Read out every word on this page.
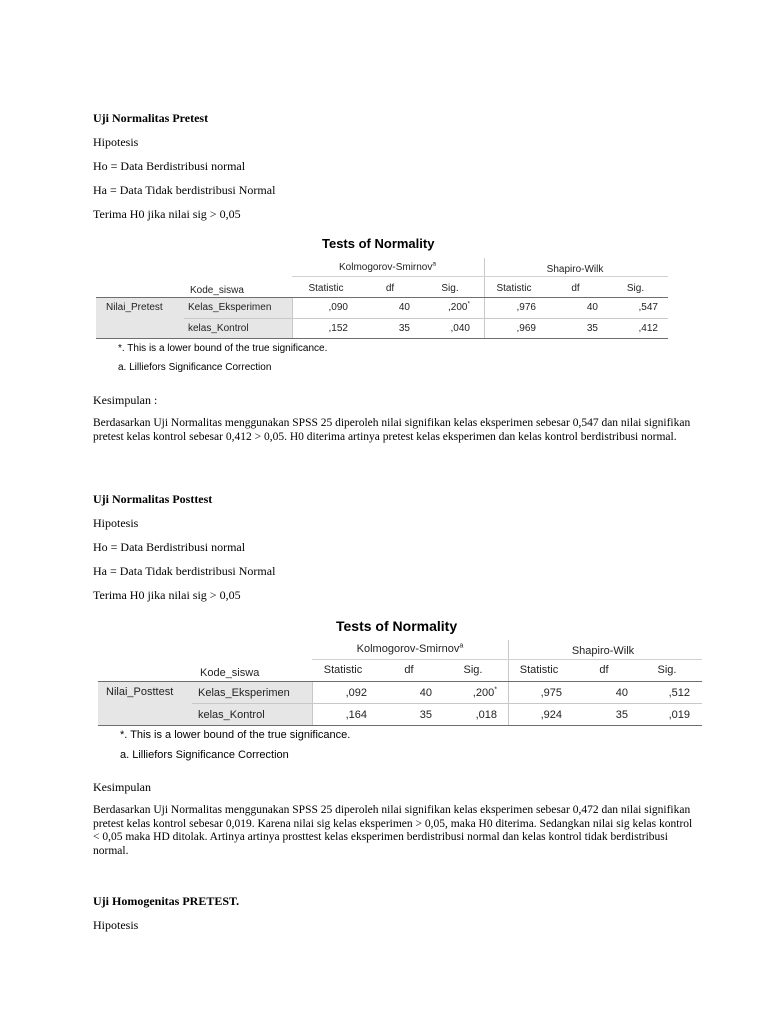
Uji Normalitas Pretest

Hipotesis

Ho = Data Berdistribusi normal

Ha = Data Tidak berdistribusi Normal

Terima H0 jika nilai sig > 0,05

Tests of Normality
Kolmogorov-Smirnov$^a$	Shapiro-Wilk
Kode_siswa	Statistic	df	Sig.	Statistic	df	Sig.
Nilai_Pretest	Kelas_Eksperimen	,090	40	,200*	,976	40	,547
kelas_Kontrol	,152	35	,040	,969	35	,412
*. This is a lower bound of the true significance.
a. Lilliefors Significance Correction

Kesimpulan :

Berdasarkan Uji Normalitas menggunakan SPSS 25 diperoleh nilai signifikan kelas eksperimen sebesar 0,547 dan nilai signifikan pretest kelas kontrol sebesar 0,412 > 0,05. H0 diterima artinya pretest kelas eksperimen dan kelas kontrol berdistribusi normal.

Uji Normalitas Posttest

Hipotesis

Ho = Data Berdistribusi normal

Ha = Data Tidak berdistribusi Normal

Terima H0 jika nilai sig > 0,05

Tests of Normality
Kolmogorov-Smirnov$^a$	Shapiro-Wilk
Kode_siswa	Statistic	df	Sig.	Statistic	df	Sig.
Nilai_Posttest Kelas_Eksperimen	,092	40	,200*	,975	40	,512
kelas_Kontrol	,164	35	,018	,924	35	,019
*. This is a lower bound of the true significance.
a. Lilliefors Significance Correction

Kesimpulan

Berdasarkan Uji Normalitas menggunakan SPSS 25 diperoleh nilai signifikan kelas eksperimen sebesar 0,472 dan nilai signifikan pretest kelas kontrol sebesar 0,019. Karena nilai sig kelas eksperimen > 0,05, maka H0 diterima. Sedangkan nilai sig kelas kontrol < 0,05 maka HD ditolak. Artinya artinya prosttest kelas eksperimen berdistribusi normal dan kelas kontrol tidak berdistribusi normal.

Uji Homogenitas PRETEST.

Hipotesis
